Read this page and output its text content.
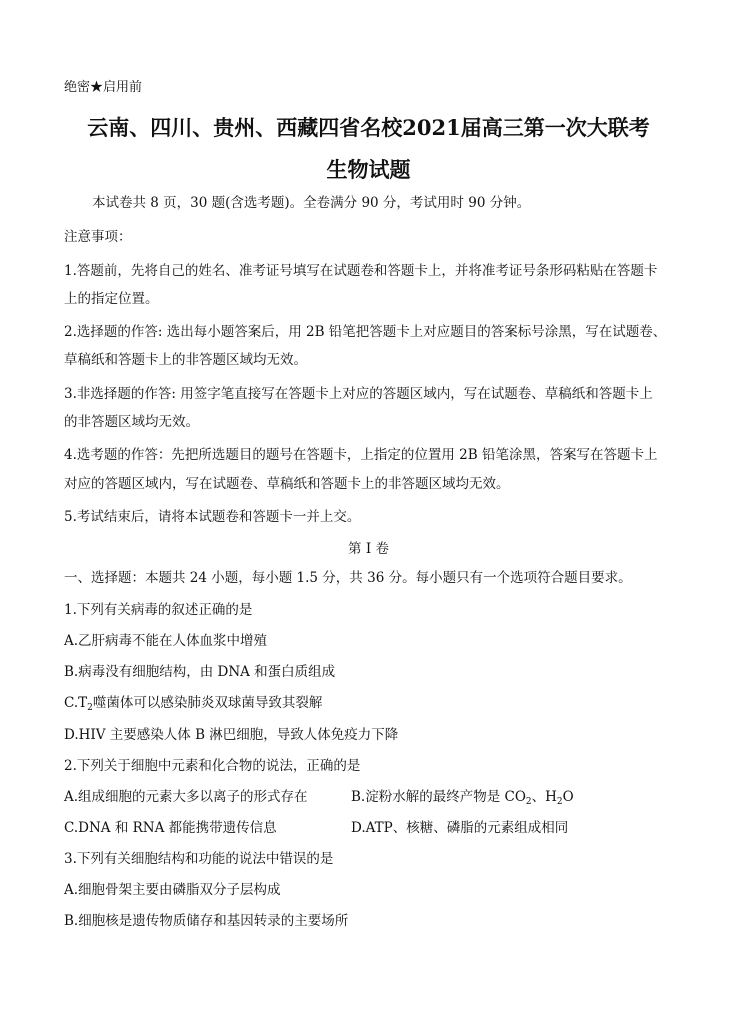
绝密★启用前
云南、四川、贵州、西藏四省名校2021届高三第一次大联考
生物试题
本试卷共 8 页，30 题(含选考题)。全卷满分 90 分，考试用时 90 分钟。
注意事项：
1.答题前，先将自己的姓名、准考证号填写在试题卷和答题卡上，并将准考证号条形码粘贴在答题卡
上的指定位置。
2.选择题的作答: 选出每小题答案后，用 2B 铅笔把答题卡上对应题目的答案标号涂黑，写在试题卷、
草稿纸和答题卡上的非答题区域均无效。
3.非选择题的作答: 用签字笔直接写在答题卡上对应的答题区域内，写在试题卷、草稿纸和答题卡上
的非答题区域均无效。
4.选考题的作答：先把所选题目的题号在答题卡，上指定的位置用 2B 铅笔涂黑，答案写在答题卡上
对应的答题区域内，写在试题卷、草稿纸和答题卡上的非答题区域均无效。
5.考试结束后，请将本试题卷和答题卡一并上交。
第 I 卷
一、选择题：本题共 24 小题，每小题 1.5 分，共 36 分。每小题只有一个选项符合题目要求。
1.下列有关病毒的叙述正确的是
A.乙肝病毒不能在人体血浆中增殖
B.病毒没有细胞结构，由 DNA 和蛋白质组成
$C.T_2$噬菌体可以感染肺炎双球菌导致其裂解
D.HIV 主要感染人体 B 淋巴细胞，导致人体免疫力下降
2.下列关于细胞中元素和化合物的说法，正确的是
A.组成细胞的元素大多以离子的形式存在	B.淀粉水解的最终产物是 $CO_2$、$H_2O$
C.DNA 和 RNA 都能携带遗传信息	D.ATP、核糖、磷脂的元素组成相同
3.下列有关细胞结构和功能的说法中错误的是
A.细胞骨架主要由磷脂双分子层构成
B.细胞核是遗传物质储存和基因转录的主要场所
